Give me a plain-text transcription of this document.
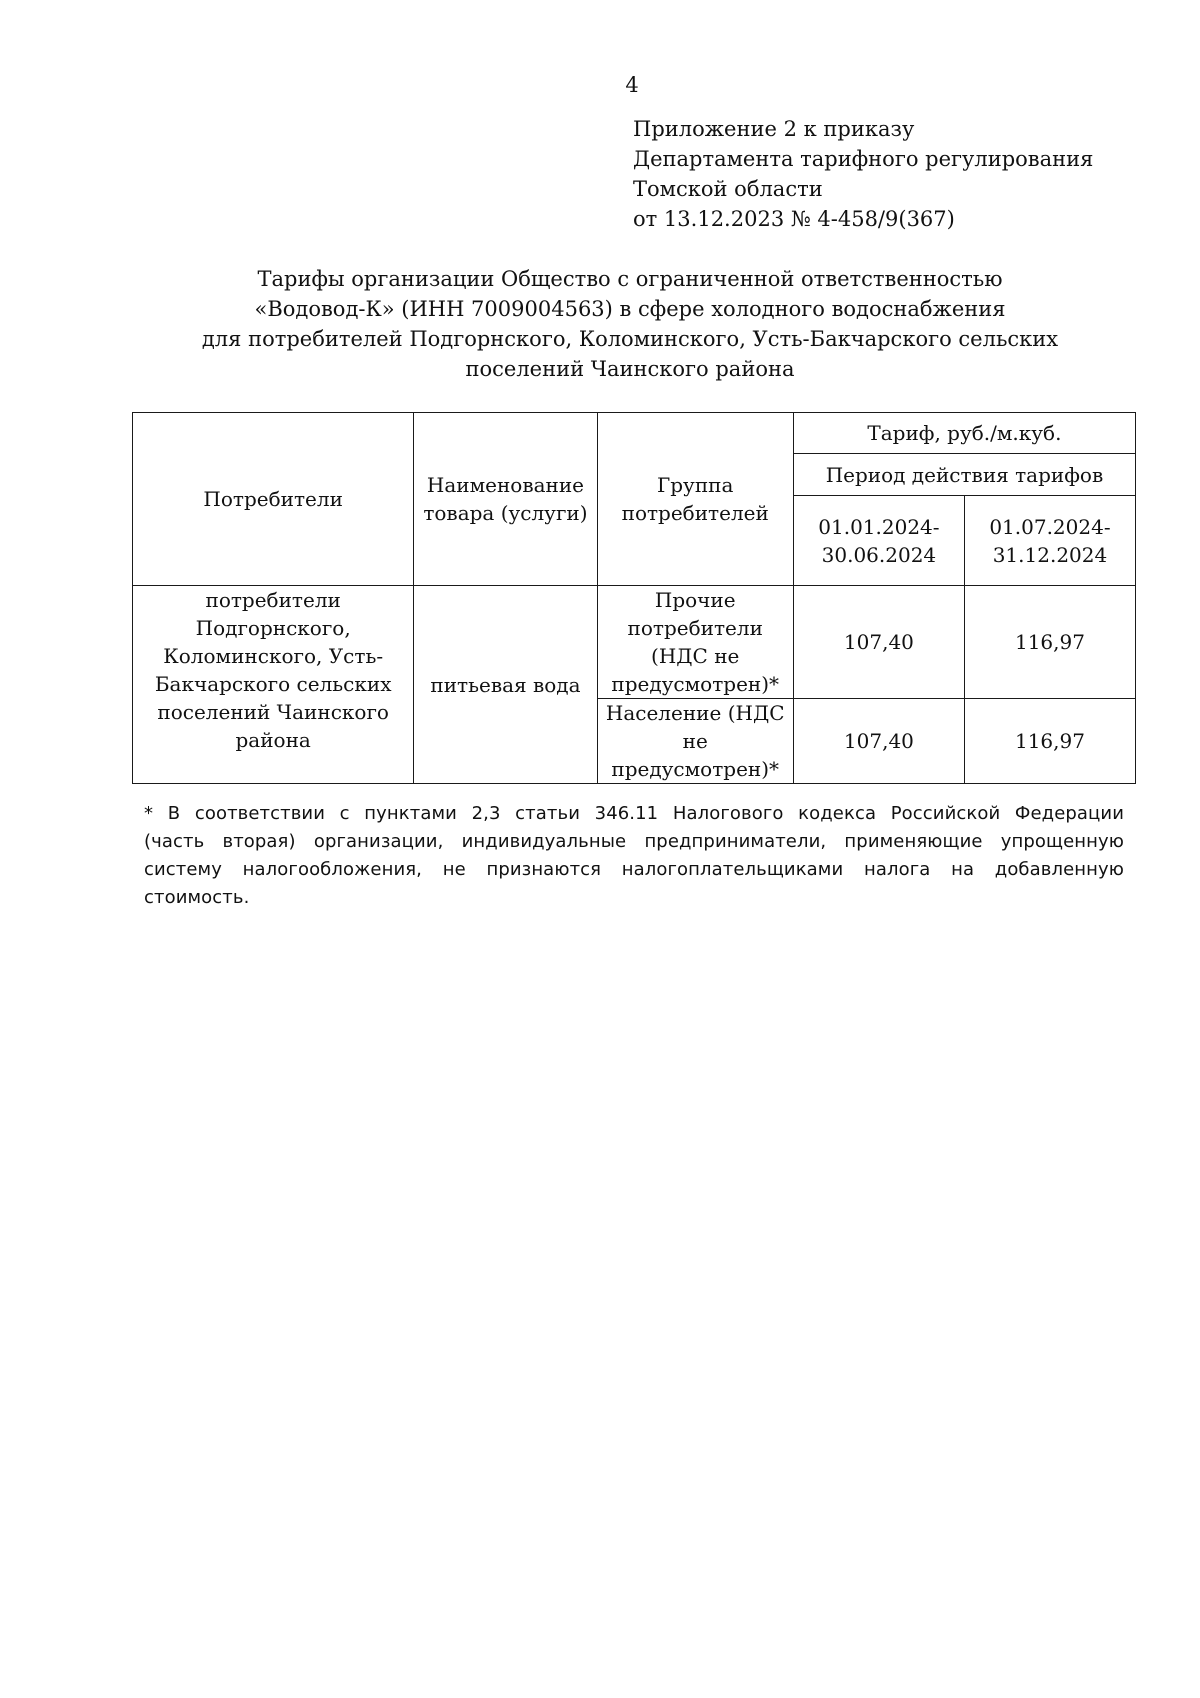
4
Приложение 2 к приказу
Департамента тарифного регулирования
Томской области
от 13.12.2023 № 4-458/9(367)
Тарифы организации Общество с ограниченной ответственностью
«Водовод-К» (ИНН 7009004563) в сфере холодного водоснабжения
для потребителей Подгорнского, Коломинского, Усть-Бакчарского сельских
поселений Чаинского района
Потребители	Наименование товара (услуги)	Группа потребителей	Тариф, руб./м.куб.	
			Период действия тарифов	
			01.01.2024-30.06.2024	01.07.2024-31.12.2024
потребители Подгорнского, Коломинского, Усть-Бакчарского сельских поселений Чаинского района	питьевая вода	Прочие потребители (НДС не предусмотрен)*	107,40	116,97
		Население (НДС не предусмотрен)*	107,40	116,97
* В соответствии с пунктами 2,3 статьи 346.11 Налогового кодекса Российской Федерации
(часть вторая) организации, индивидуальные предприниматели, применяющие упрощенную
систему налогообложения, не признаются налогоплательщиками налога на добавленную
стоимость.
